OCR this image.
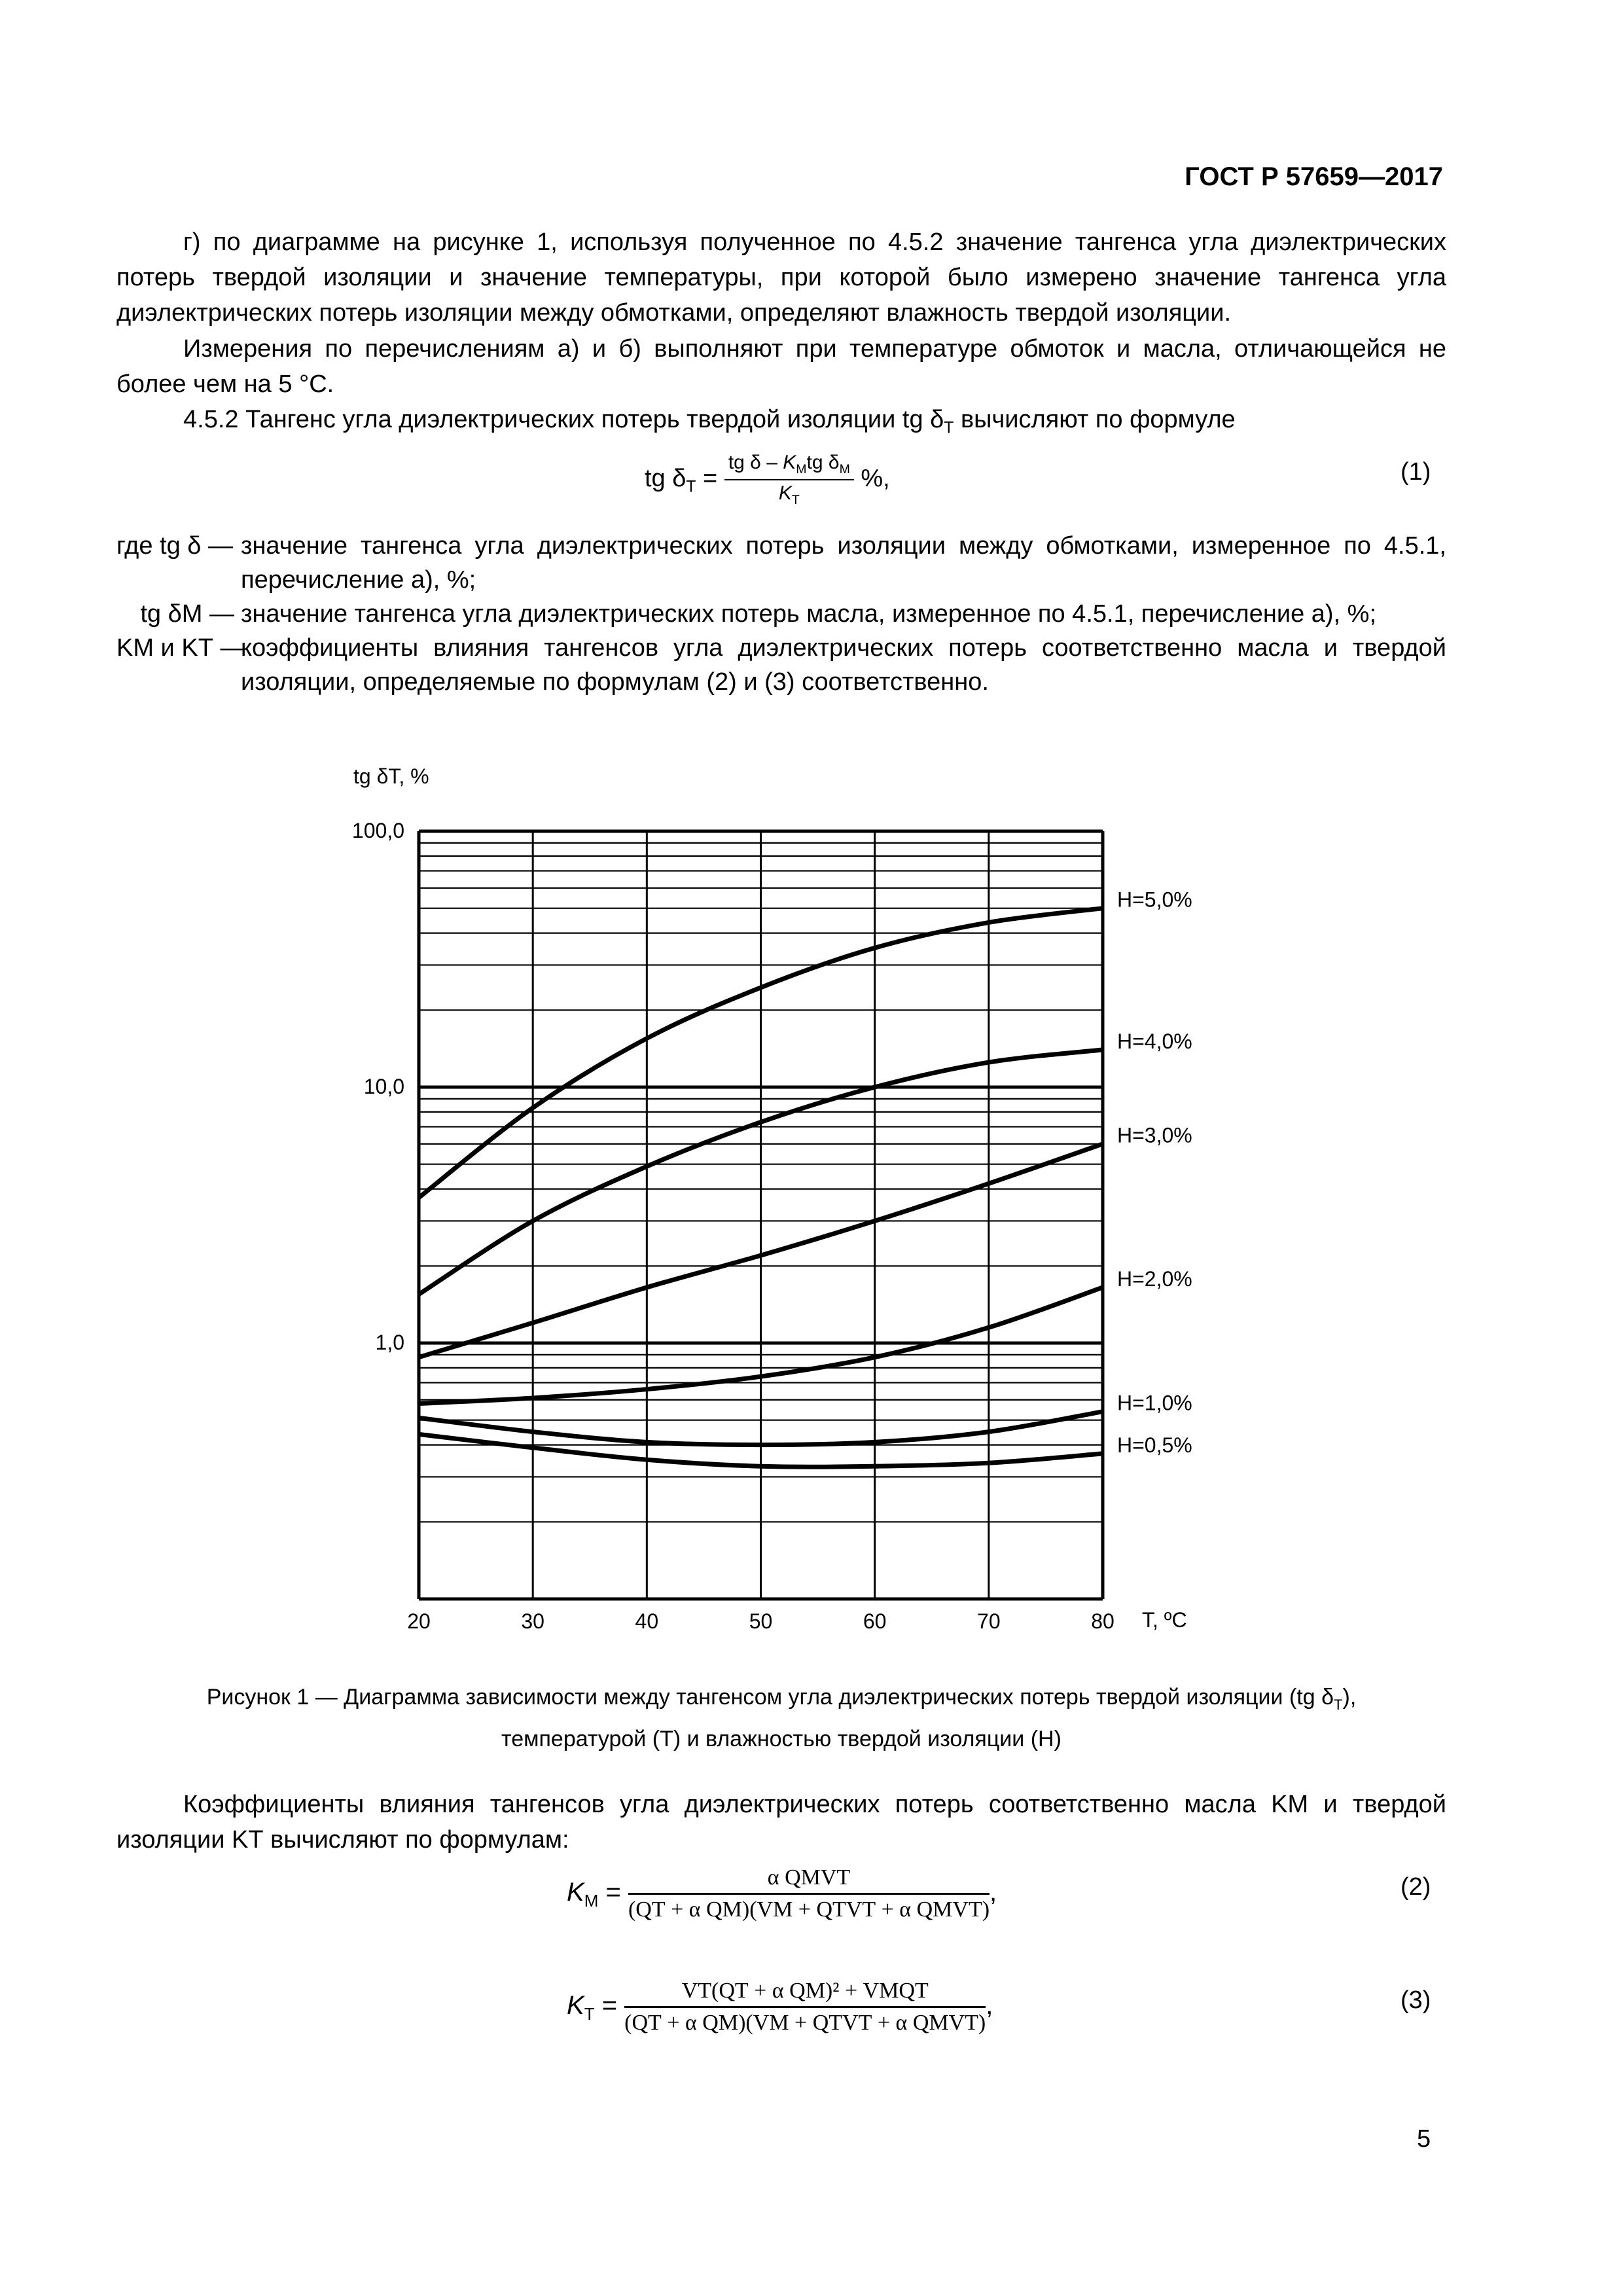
ГОСТ Р 57659—2017
г) по диаграмме на рисунке 1, используя полученное по 4.5.2 значение тангенса угла диэлектрических потерь твердой изоляции и значение температуры, при которой было измерено значение тангенса угла диэлектрических потерь изоляции между обмотками, определяют влажность твердой изоляции.
Измерения по перечислениям а) и б) выполняют при температуре обмоток и масла, отличающейся не более чем на 5 °С.
4.5.2 Тангенс угла диэлектрических потерь твердой изоляции tg $\delta_Т$ вычисляют по формуле
tg $\delta_Т = \frac{tg \delta - K_Mtg \delta_M}{K_Т}$ %,	(1)
где tg δ — значение тангенса угла диэлектрических потерь изоляции между обмотками, измеренное по 4.5.1, перечисление а), %;
tg δM — значение тангенса угла диэлектрических потерь масла, измеренное по 4.5.1, перечисление а), %;
KM и KТ —
коэффициенты влияния тангенсов угла диэлектрических потерь соответственно масла и твердой изоляции, определяемые по формулам (2) и (3) соответственно.
tg δТ, %
20	30	40	50	60	70	80
100,0
10,0
1,0
H=5,0%
H=4,0%
H=3,0%
H=2,0%
H=1,0%
H=0,5%
T, ºC
Рисунок 1 — Диаграмма зависимости между тангенсом угла диэлектрических потерь твердой изоляции (tg $\delta_Т$),
температурой (T) и влажностью твердой изоляции (H)
Коэффициенты влияния тангенсов угла диэлектрических потерь соответственно масла KМ и твердой изоляции KТ вычисляют по формулам:
$K_М = \frac{\text{α QМVТ}}{\text{(QТ + α QМ)(VМ + QТVТ + α QМVТ)}}$ ,	(2)
$K_Т = \frac{\text{VТ(QТ + α QМ)² + VМQТ}}{\text{(QТ + α QМ)(VМ + QТVТ + α QМVТ)}}$ ,	(3)
5
